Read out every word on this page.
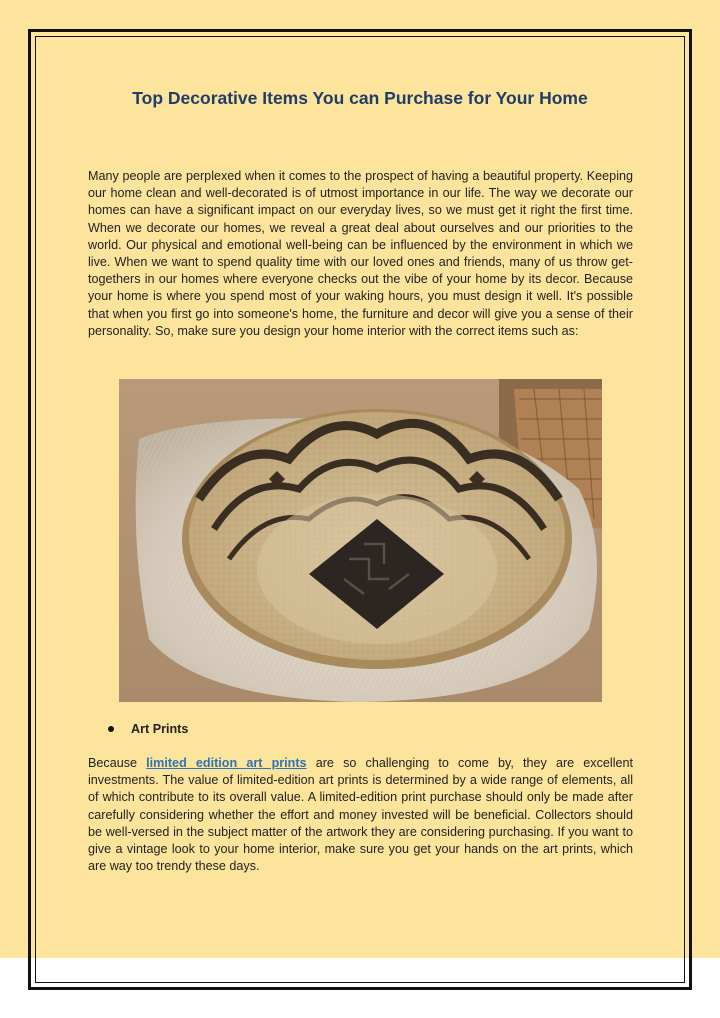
Top Decorative Items You can Purchase for Your Home

Many people are perplexed when it comes to the prospect of having a beautiful property. Keeping our home clean and well-decorated is of utmost importance in our life. The way we decorate our homes can have a significant impact on our everyday lives, so we must get it right the first time. When we decorate our homes, we reveal a great deal about ourselves and our priorities to the world. Our physical and emotional well-being can be influenced by the environment in which we live. When we want to spend quality time with our loved ones and friends, many of us throw get-togethers in our homes where everyone checks out the vibe of your home by its decor. Because your home is where you spend most of your waking hours, you must design it well. It's possible that when you first go into someone's home, the furniture and decor will give you a sense of their personality. So, make sure you design your home interior with the correct items such as:

Art Prints

Because limited edition art prints are so challenging to come by, they are excellent investments. The value of limited-edition art prints is determined by a wide range of elements, all of which contribute to its overall value. A limited-edition print purchase should only be made after carefully considering whether the effort and money invested will be beneficial. Collectors should be well-versed in the subject matter of the artwork they are considering purchasing. If you want to give a vintage look to your home interior, make sure you get your hands on the art prints, which are way too trendy these days.
